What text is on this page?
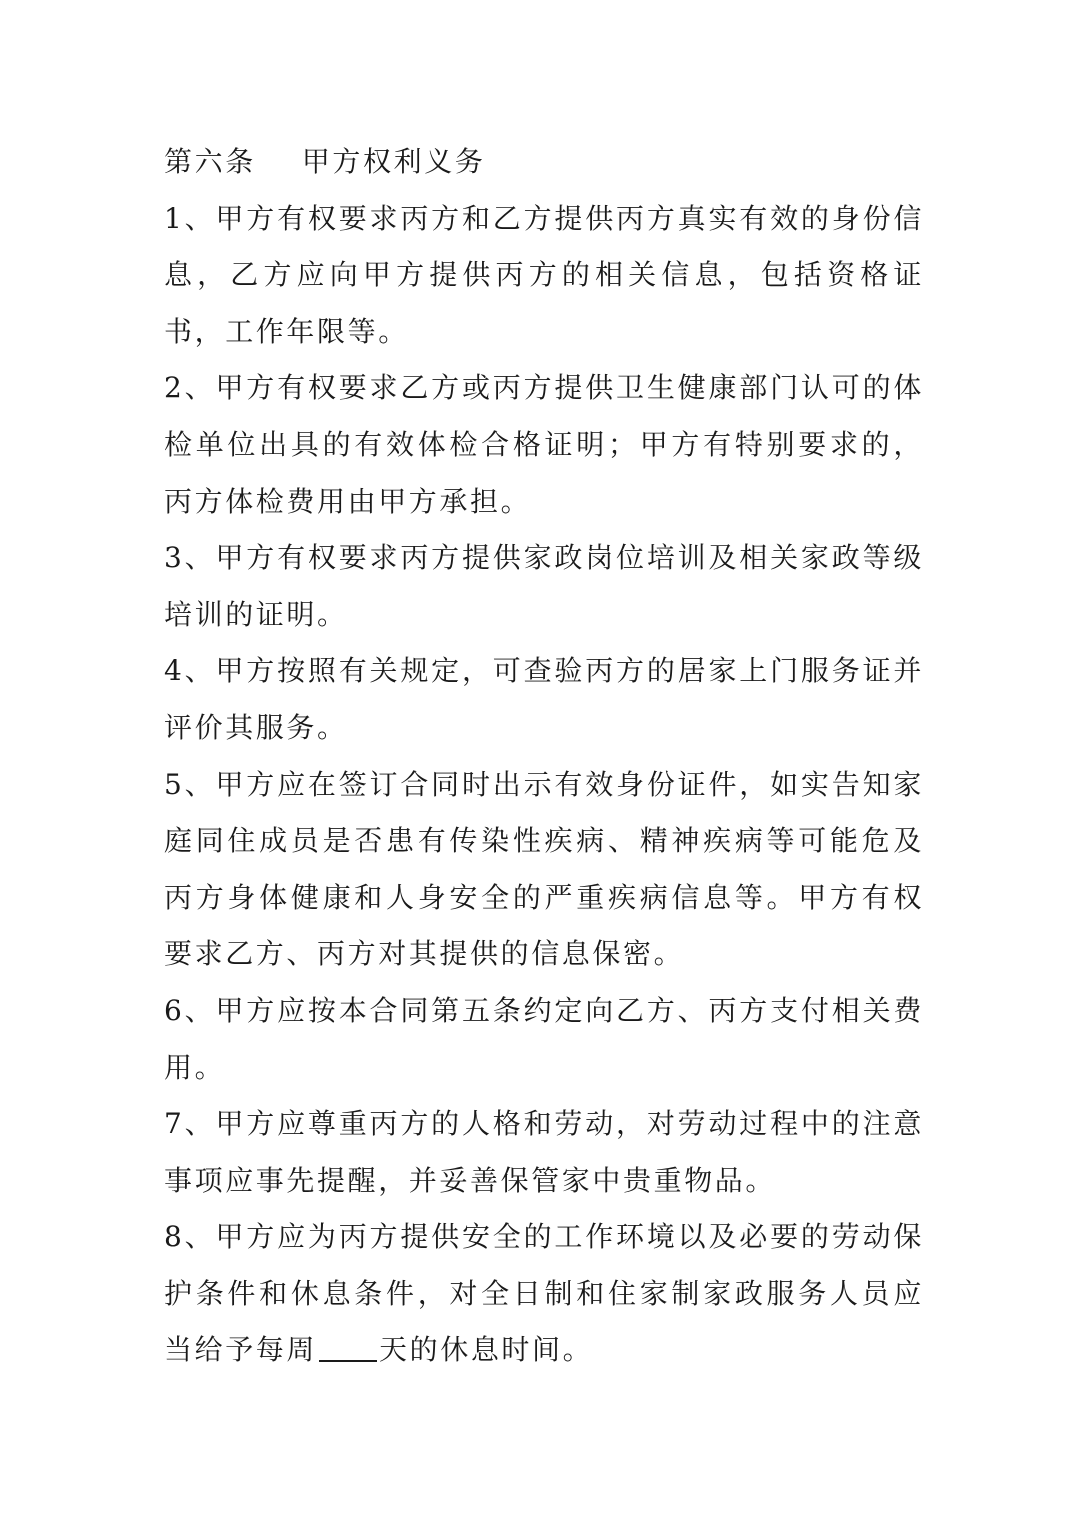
第六条 甲方权利义务

1、甲方有权要求丙方和乙方提供丙方真实有效的身份信息，乙方应向甲方提供丙方的相关信息，包括资格证书，工作年限等。

2、甲方有权要求乙方或丙方提供卫生健康部门认可的体检单位出具的有效体检合格证明；甲方有特别要求的，丙方体检费用由甲方承担。

3、甲方有权要求丙方提供家政岗位培训及相关家政等级培训的证明。

4、甲方按照有关规定，可查验丙方的居家上门服务证并评价其服务。

5、甲方应在签订合同时出示有效身份证件，如实告知家庭同住成员是否患有传染性疾病、精神疾病等可能危及丙方身体健康和人身安全的严重疾病信息等。甲方有权要求乙方、丙方对其提供的信息保密。

6、甲方应按本合同第五条约定向乙方、丙方支付相关费用。

7、甲方应尊重丙方的人格和劳动，对劳动过程中的注意事项应事先提醒，并妥善保管家中贵重物品。

8、甲方应为丙方提供安全的工作环境以及必要的劳动保护条件和休息条件，对全日制和住家制家政服务人员应当给予每周 天的休息时间。
